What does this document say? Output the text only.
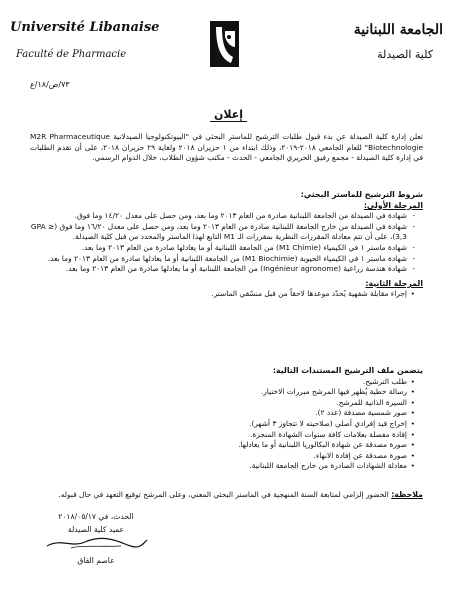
Université Libanaise
Faculté de Pharmacie
الجامعة اللبنانية
كلية الصيدلة
٧٣/ص/١٨/ع
إعلان
تعلن إدارة كلية الصيدلة عن بدء قبول طلبات الترشيح للماستر البحثي في "البيوتكنولوجيا الصيدلانية M2R Pharmaceutique Biotechnologie" للعام الجامعي ٢٠١٨-٢٠١٩، وذلك ابتداء من ١ حزيران ٢٠١٨ ولغاية ٢٩ حزيران ٢٠١٨، على أن تقدم الطلبات في إدارة كلية الصيدلة - مجمع رفيق الحريري الجامعي - الحدث - مكتب شؤون الطلاب، خلال الدوام الرسمي.
شروط الترشيح للماستر البحثي:
المرحلة الأولى:
- شهادة في الصيدلة من الجامعة اللبنانية صادرة من العام ٢٠١٣ وما بعد، ومن حصل على معدل ١٤/٢٠ وما فوق.
- شهادة في الصيدلة من خارج الجامعة اللبنانية صادرة من العام ٢٠١٣ وما بعد، ومن حصل على معدل ١٦/٢٠ وما فوق (GPA ≥ 3,3)، على أن تتم معادلة المقررات النظرية بمقررات الـ M1 التابع لهذا الماستر والمحدد من قبل كلية الصيدلة.
- شهادة ماستر ١ في الكيمياء (M1 Chimie) من الجامعة اللبنانية أو ما يعادلها صادرة من العام ٢٠١٣ وما بعد.
- شهادة ماستر ١ في الكيمياء الحيوية (M1 Biochimie) من الجامعة اللبنانية أو ما يعادلها صادرة من العام ٢٠١٣ وما بعد.
- شهادة هندسة زراعية (Ingénieur agronome) من الجامعة اللبنانية أو ما يعادلها صادرة من العام ٢٠١٣ وما بعد.
المرحلة الثانية:
• إجراء مقابلة شفهية يُحدّد موعدها لاحقاً من قبل منسّقي الماستر.
يتضمن ملف الترشيح المستندات التالية:
• طلب الترشيح.
• رسالة خطية يُظهر فيها المرشح مبررات الاختيار.
• السيرة الذاتية للمرشح.
• صور شمسية مصدقة (عدد ٢).
• إخراج قيد إفرادي أصلي (صلاحيته لا تتجاوز ٣ أشهر).
• إفادة مفصلة بعلامات كافة سنوات الشهادة المنجزة.
• صورة مصدقة عن شهادة البكالوريا اللبنانية أو ما يعادلها.
• صورة مصدقة عن إفادة الانهاء.
• معادلة الشهادات الصادرة من خارج الجامعة اللبنانية.
ملاحظة: الحضور إلزامي لمتابعة السنة المنهجية في الماستر البحثي المعني، وعلى المرشح توقيع التعهد في حال قبوله.
الحدث، في ٢٠١٨/٠٥/١٧
عميد كلية الصيدلة
عاصم القاق
